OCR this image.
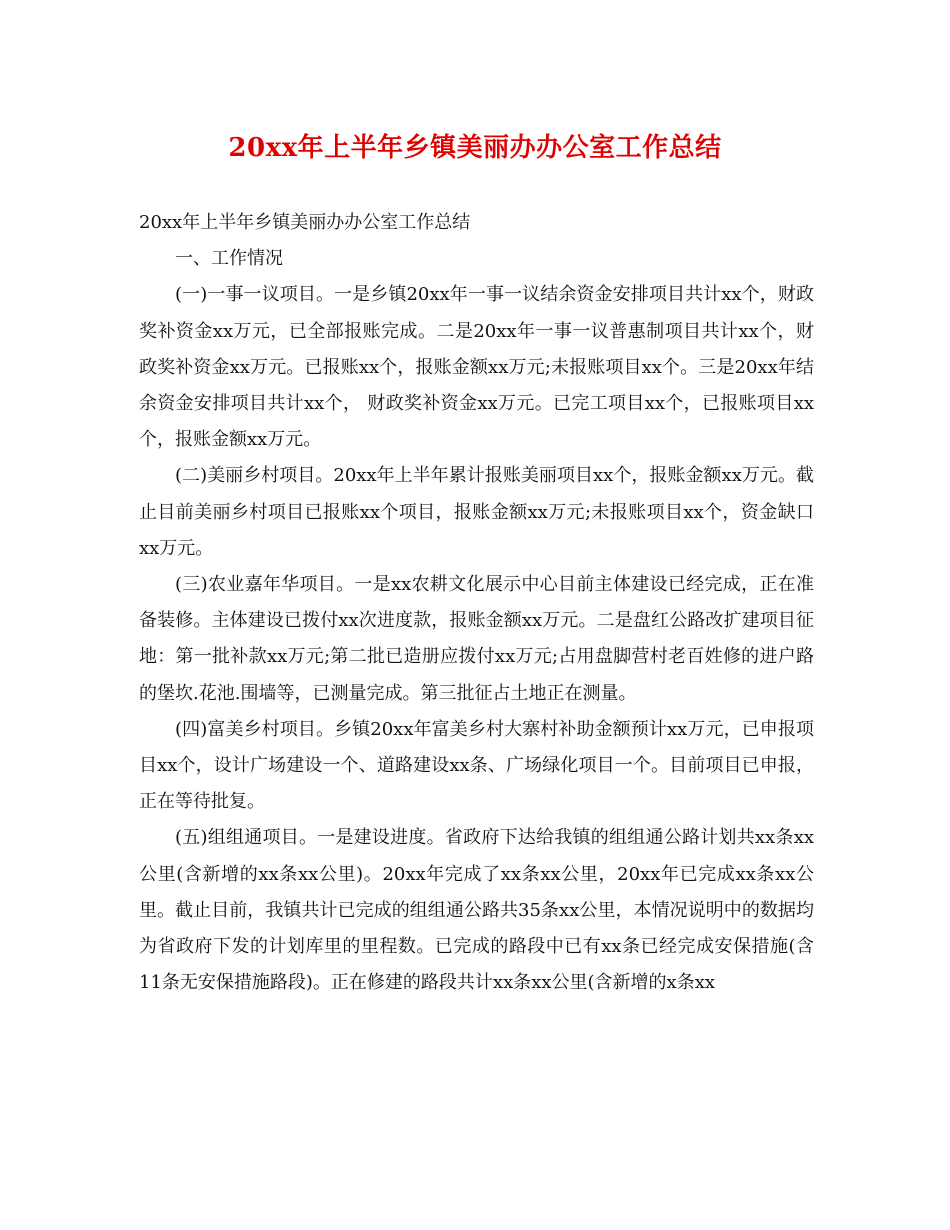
20xx年上半年乡镇美丽办办公室工作总结

20xx年上半年乡镇美丽办办公室工作总结

一、工作情况

(一)一事一议项目。一是乡镇20xx年一事一议结余资金安排项目共计xx个，财政奖补资金xx万元，已全部报账完成。二是20xx年一事一议普惠制项目共计xx个，财政奖补资金xx万元。已报账xx个，报账金额xx万元;未报账项目xx个。三是20xx年结余资金安排项目共计xx个， 财政奖补资金xx万元。已完工项目xx个，已报账项目xx个，报账金额xx万元。

(二)美丽乡村项目。20xx年上半年累计报账美丽项目xx个，报账金额xx万元。截止目前美丽乡村项目已报账xx个项目，报账金额xx万元;未报账项目xx个，资金缺口xx万元。

(三)农业嘉年华项目。一是xx农耕文化展示中心目前主体建设已经完成，正在准备装修。主体建设已拨付xx次进度款，报账金额xx万元。二是盘红公路改扩建项目征地：第一批补款xx万元;第二批已造册应拨付xx万元;占用盘脚营村老百姓修的进户路的堡坎.花池.围墙等，已测量完成。第三批征占土地正在测量。

(四)富美乡村项目。乡镇20xx年富美乡村大寨村补助金额预计xx万元，已申报项目xx个，设计广场建设一个、道路建设xx条、广场绿化项目一个。目前项目已申报，正在等待批复。

(五)组组通项目。一是建设进度。省政府下达给我镇的组组通公路计划共xx条xx公里(含新增的xx条xx公里)。20xx年完成了xx条xx公里，20xx年已完成xx条xx公里。截止目前，我镇共计已完成的组组通公路共35条xx公里，本情况说明中的数据均为省政府下发的计划库里的里程数。已完成的路段中已有xx条已经完成安保措施(含11条无安保措施路段)。正在修建的路段共计xx条xx公里(含新增的x条xx
